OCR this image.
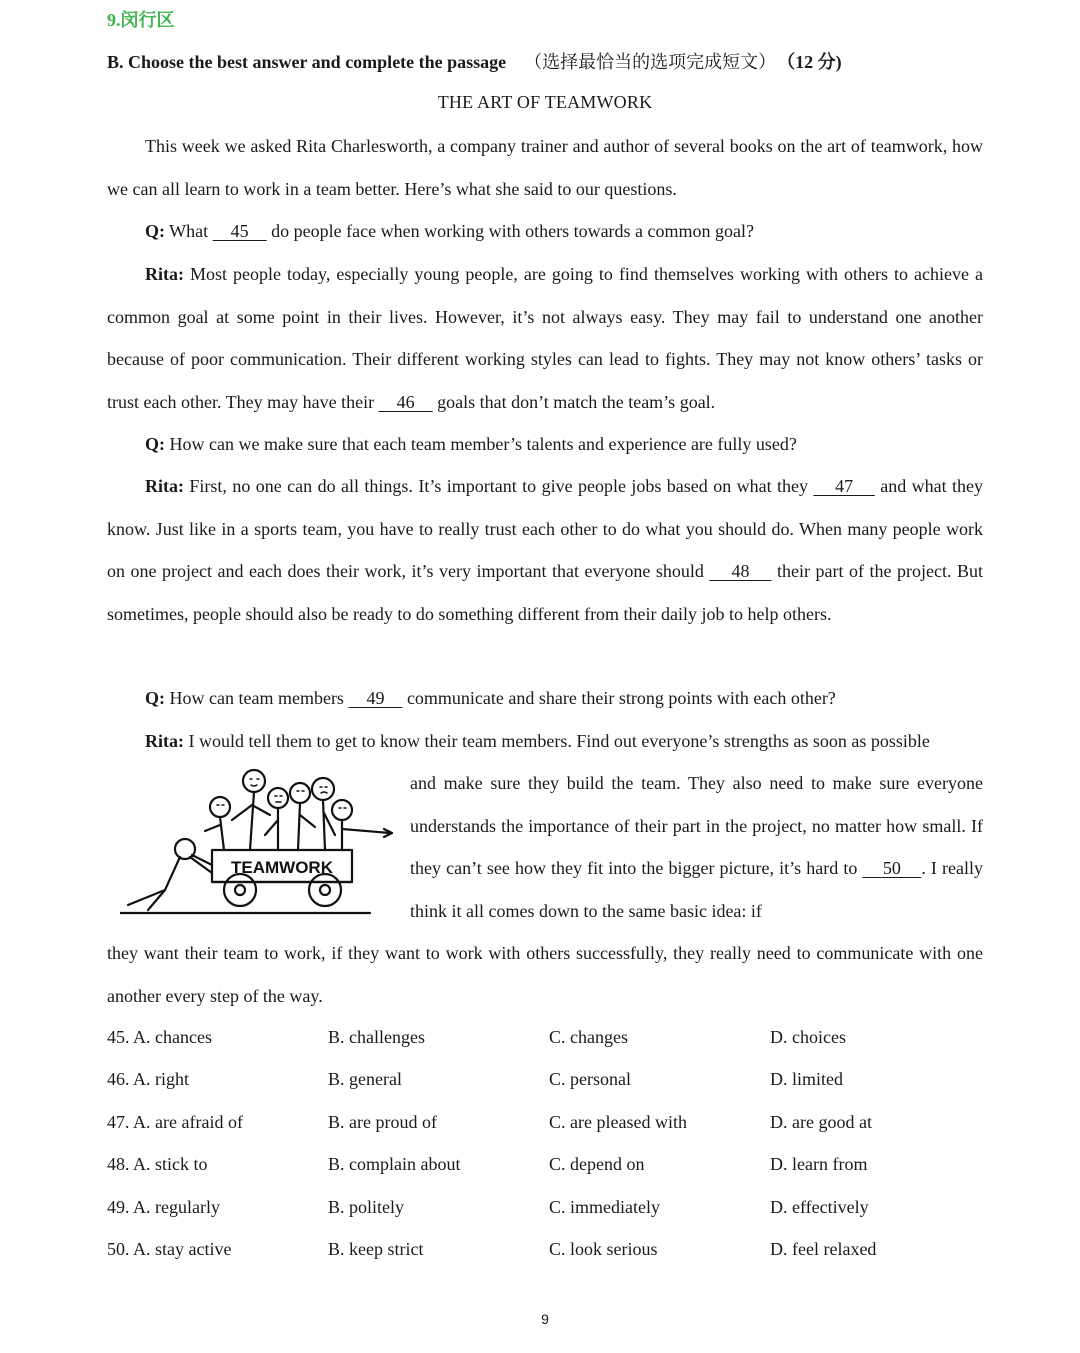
9.闵行区
B. Choose the best answer and complete the passage （选择最恰当的选项完成短文） （12 分)
THE ART OF TEAMWORK

This week we asked Rita Charlesworth, a company trainer and author of several books on the art of teamwork, how we can all learn to work in a team better. Here’s what she said to our questions.

Q: What     45     do people face when working with others towards a common goal?

Rita: Most people today, especially young people, are going to find themselves working with others to achieve a common goal at some point in their lives. However, it’s not always easy. They may fail to understand one another because of poor communication. Their different working styles can lead to fights. They may not know others’ tasks or trust each other. They may have their     46     goals that don’t match the team’s goal.

Q: How can we make sure that each team member’s talents and experience are fully used?

Rita: First, no one can do all things. It’s important to give people jobs based on what they     47     and what they know. Just like in a sports team, you have to really trust each other to do what you should do. When many people work on one project and each does their work, it’s very important that everyone should     48     their part of the project. But sometimes, people should also be ready to do something different from their daily job to help others.

Q: How can team members     49     communicate and share their strong points with each other?

Rita: I would tell them to get to know their team members. Find out everyone’s strengths as soon as possible

TEAMWORK

and make sure they build the team. They also need to make sure everyone understands the importance of their part in the project, no matter how small. If they can’t see how they fit into the bigger picture, it’s hard to     50    . I really think it all comes down to the same basic idea: if

they want their team to work, if they want to work with others successfully, they really need to communicate with one another every step of the way.

45. A. chances	B. challenges	C. changes	D. choices
46. A. right	B. general	C. personal	D. limited
47. A. are afraid of	B. are proud of	C. are pleased with	D. are good at
48. A. stick to	B. complain about	C. depend on	D. learn from
49. A. regularly	B. politely	C. immediately	D. effectively
50. A. stay active	B. keep strict	C. look serious	D. feel relaxed
9
